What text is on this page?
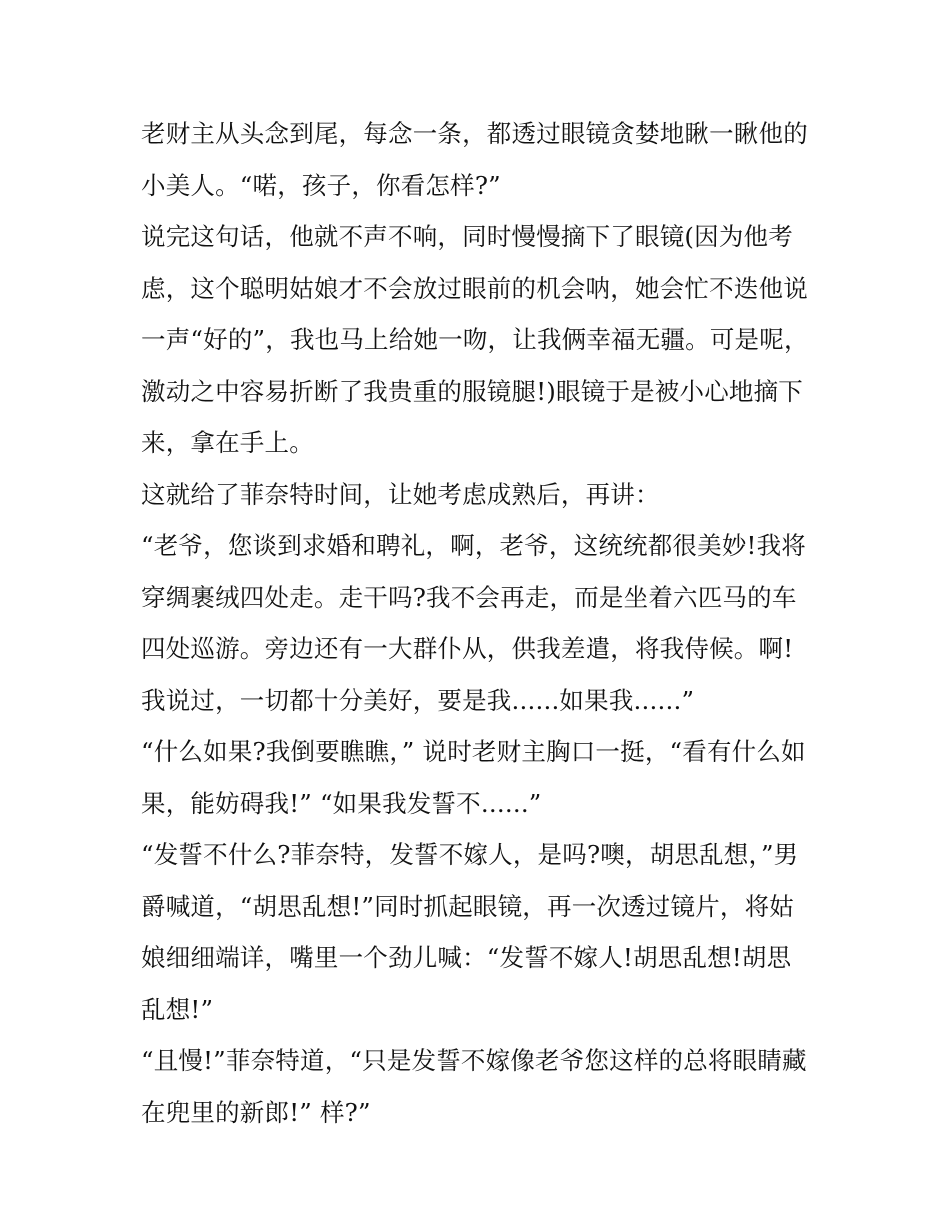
老财主从头念到尾，每念一条，都透过眼镜贪婪地瞅一瞅他的
小美人。“喏，孩子，你看怎样?”
说完这句话，他就不声不响，同时慢慢摘下了眼镜(因为他考
虑，这个聪明姑娘才不会放过眼前的机会呐，她会忙不迭他说
一声“好的”，我也马上给她一吻，让我俩幸福无疆。可是呢，
激动之中容易折断了我贵重的服镜腿!)眼镜于是被小心地摘下
来，拿在手上。
这就给了菲奈特时间，让她考虑成熟后，再讲：
“老爷，您谈到求婚和聘礼，啊，老爷，这统统都很美妙!我将
穿绸裹绒四处走。走干吗?我不会再走，而是坐着六匹马的车
四处巡游。旁边还有一大群仆从，供我差遣，将我侍候。啊!
我说过，一切都十分美好，要是我......如果我......”
“什么如果?我倒要瞧瞧，” 说时老财主胸口一挺，“看有什么如
果，能妨碍我!” “如果我发誓不......”
“发誓不什么?菲奈特，发誓不嫁人，是吗?噢，胡思乱想，”男
爵喊道，“胡思乱想!”同时抓起眼镜，再一次透过镜片，将姑
娘细细端详，嘴里一个劲儿喊：“发誓不嫁人!胡思乱想!胡思
乱想!”
“且慢!”菲奈特道，“只是发誓不嫁像老爷您这样的总将眼睛藏
在兜里的新郎!” 样?”
